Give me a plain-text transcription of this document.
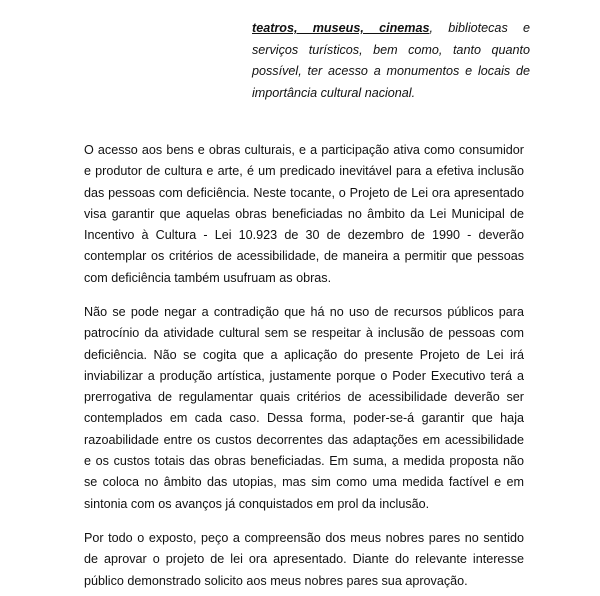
teatros, museus, cinemas, bibliotecas e serviços turísticos, bem como, tanto quanto possível, ter acesso a monumentos e locais de importância cultural nacional.
O acesso aos bens e obras culturais, e a participação ativa como consumidor e produtor de cultura e arte, é um predicado inevitável para a efetiva inclusão das pessoas com deficiência. Neste tocante, o Projeto de Lei ora apresentado visa garantir que aquelas obras beneficiadas no âmbito da Lei Municipal de Incentivo à Cultura - Lei 10.923 de 30 de dezembro de 1990 - deverão contemplar os critérios de acessibilidade, de maneira a permitir que pessoas com deficiência também usufruam as obras.
Não se pode negar a contradição que há no uso de recursos públicos para patrocínio da atividade cultural sem se respeitar à inclusão de pessoas com deficiência. Não se cogita que a aplicação do presente Projeto de Lei irá inviabilizar a produção artística, justamente porque o Poder Executivo terá a prerrogativa de regulamentar quais critérios de acessibilidade deverão ser contemplados em cada caso. Dessa forma, poder-se-á garantir que haja razoabilidade entre os custos decorrentes das adaptações em acessibilidade e os custos totais das obras beneficiadas. Em suma, a medida proposta não se coloca no âmbito das utopias, mas sim como uma medida factível e em sintonia com os avanços já conquistados em prol da inclusão.
Por todo o exposto, peço a compreensão dos meus nobres pares no sentido de aprovar o projeto de lei ora apresentado. Diante do relevante interesse público demonstrado solicito aos meus nobres pares sua aprovação.
